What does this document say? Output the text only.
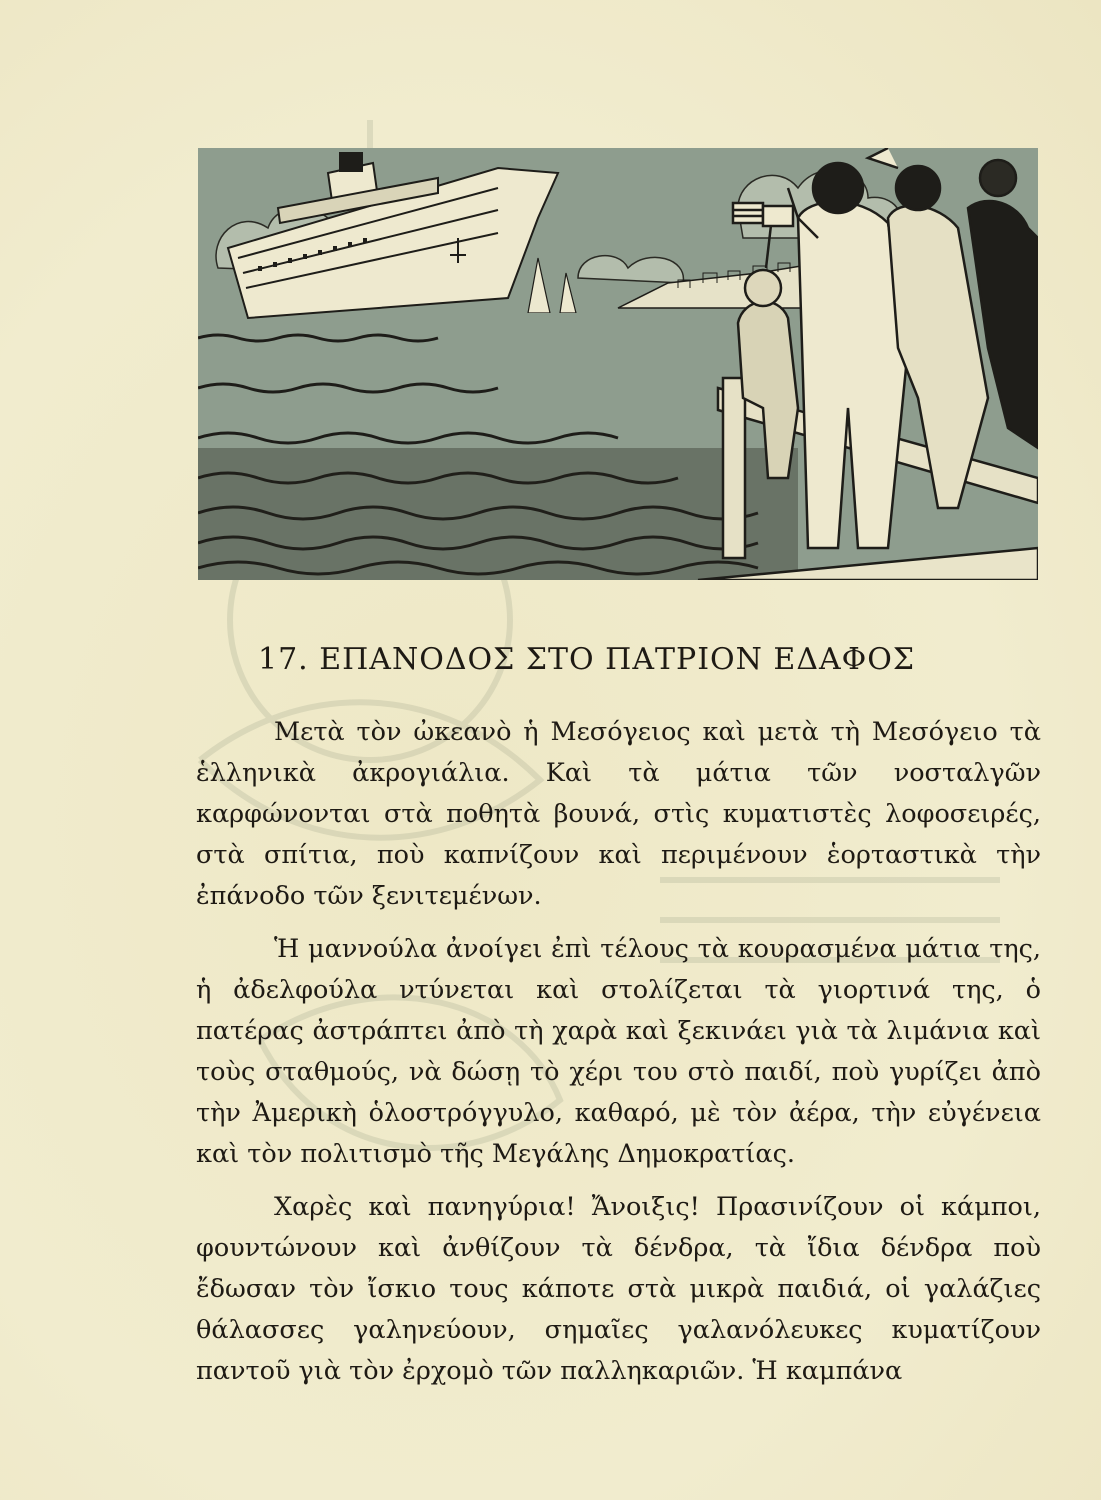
17. ΕΠΑΝΟΔΟΣ ΣΤΟ ΠΑΤΡΙΟΝ ΕΔΑΦΟΣ

Μετὰ τὸν ὠκεανὸ ἡ Μεσόγειος καὶ μετὰ τὴ Μεσόγειο τὰ ἑλληνικὰ ἀκρογιάλια. Καὶ τὰ μάτια τῶν νοσταλγῶν καρφώνονται στὰ ποθητὰ βουνά, στὶς κυματιστὲς λοφοσειρές, στὰ σπίτια, ποὺ καπνίζουν καὶ περιμένουν ἑορταστικὰ τὴν ἐπάνοδο τῶν ξενιτεμένων.

Ἡ μαννούλα ἀνοίγει ἐπὶ τέλους τὰ κουρασμένα μάτια της, ἡ ἀδελφούλα ντύνεται καὶ στολίζεται τὰ γιορτινά της, ὁ πατέρας ἀστράπτει ἀπὸ τὴ χαρὰ καὶ ξεκινάει γιὰ τὰ λιμάνια καὶ τοὺς σταθμούς, νὰ δώσῃ τὸ χέρι του στὸ παιδί, ποὺ γυρίζει ἀπὸ τὴν Ἀμερικὴ ὁλοστρόγγυλο, καθαρό, μὲ τὸν ἀέρα, τὴν εὐγένεια καὶ τὸν πολιτισμὸ τῆς Μεγάλης Δημοκρατίας.

Χαρὲς καὶ πανηγύρια! Ἄνοιξις! Πρασινίζουν οἱ κάμποι, φουντώνουν καὶ ἀνθίζουν τὰ δένδρα, τὰ ἴδια δένδρα ποὺ ἔδωσαν τὸν ἴσκιο τους κάποτε στὰ μικρὰ παιδιά, οἱ γαλάζιες θάλασσες γαληνεύουν, σημαῖες γαλανόλευκες κυματίζουν παντοῦ γιὰ τὸν ἐρχομὸ τῶν παλληκαριῶν. Ἡ καμπάνα
